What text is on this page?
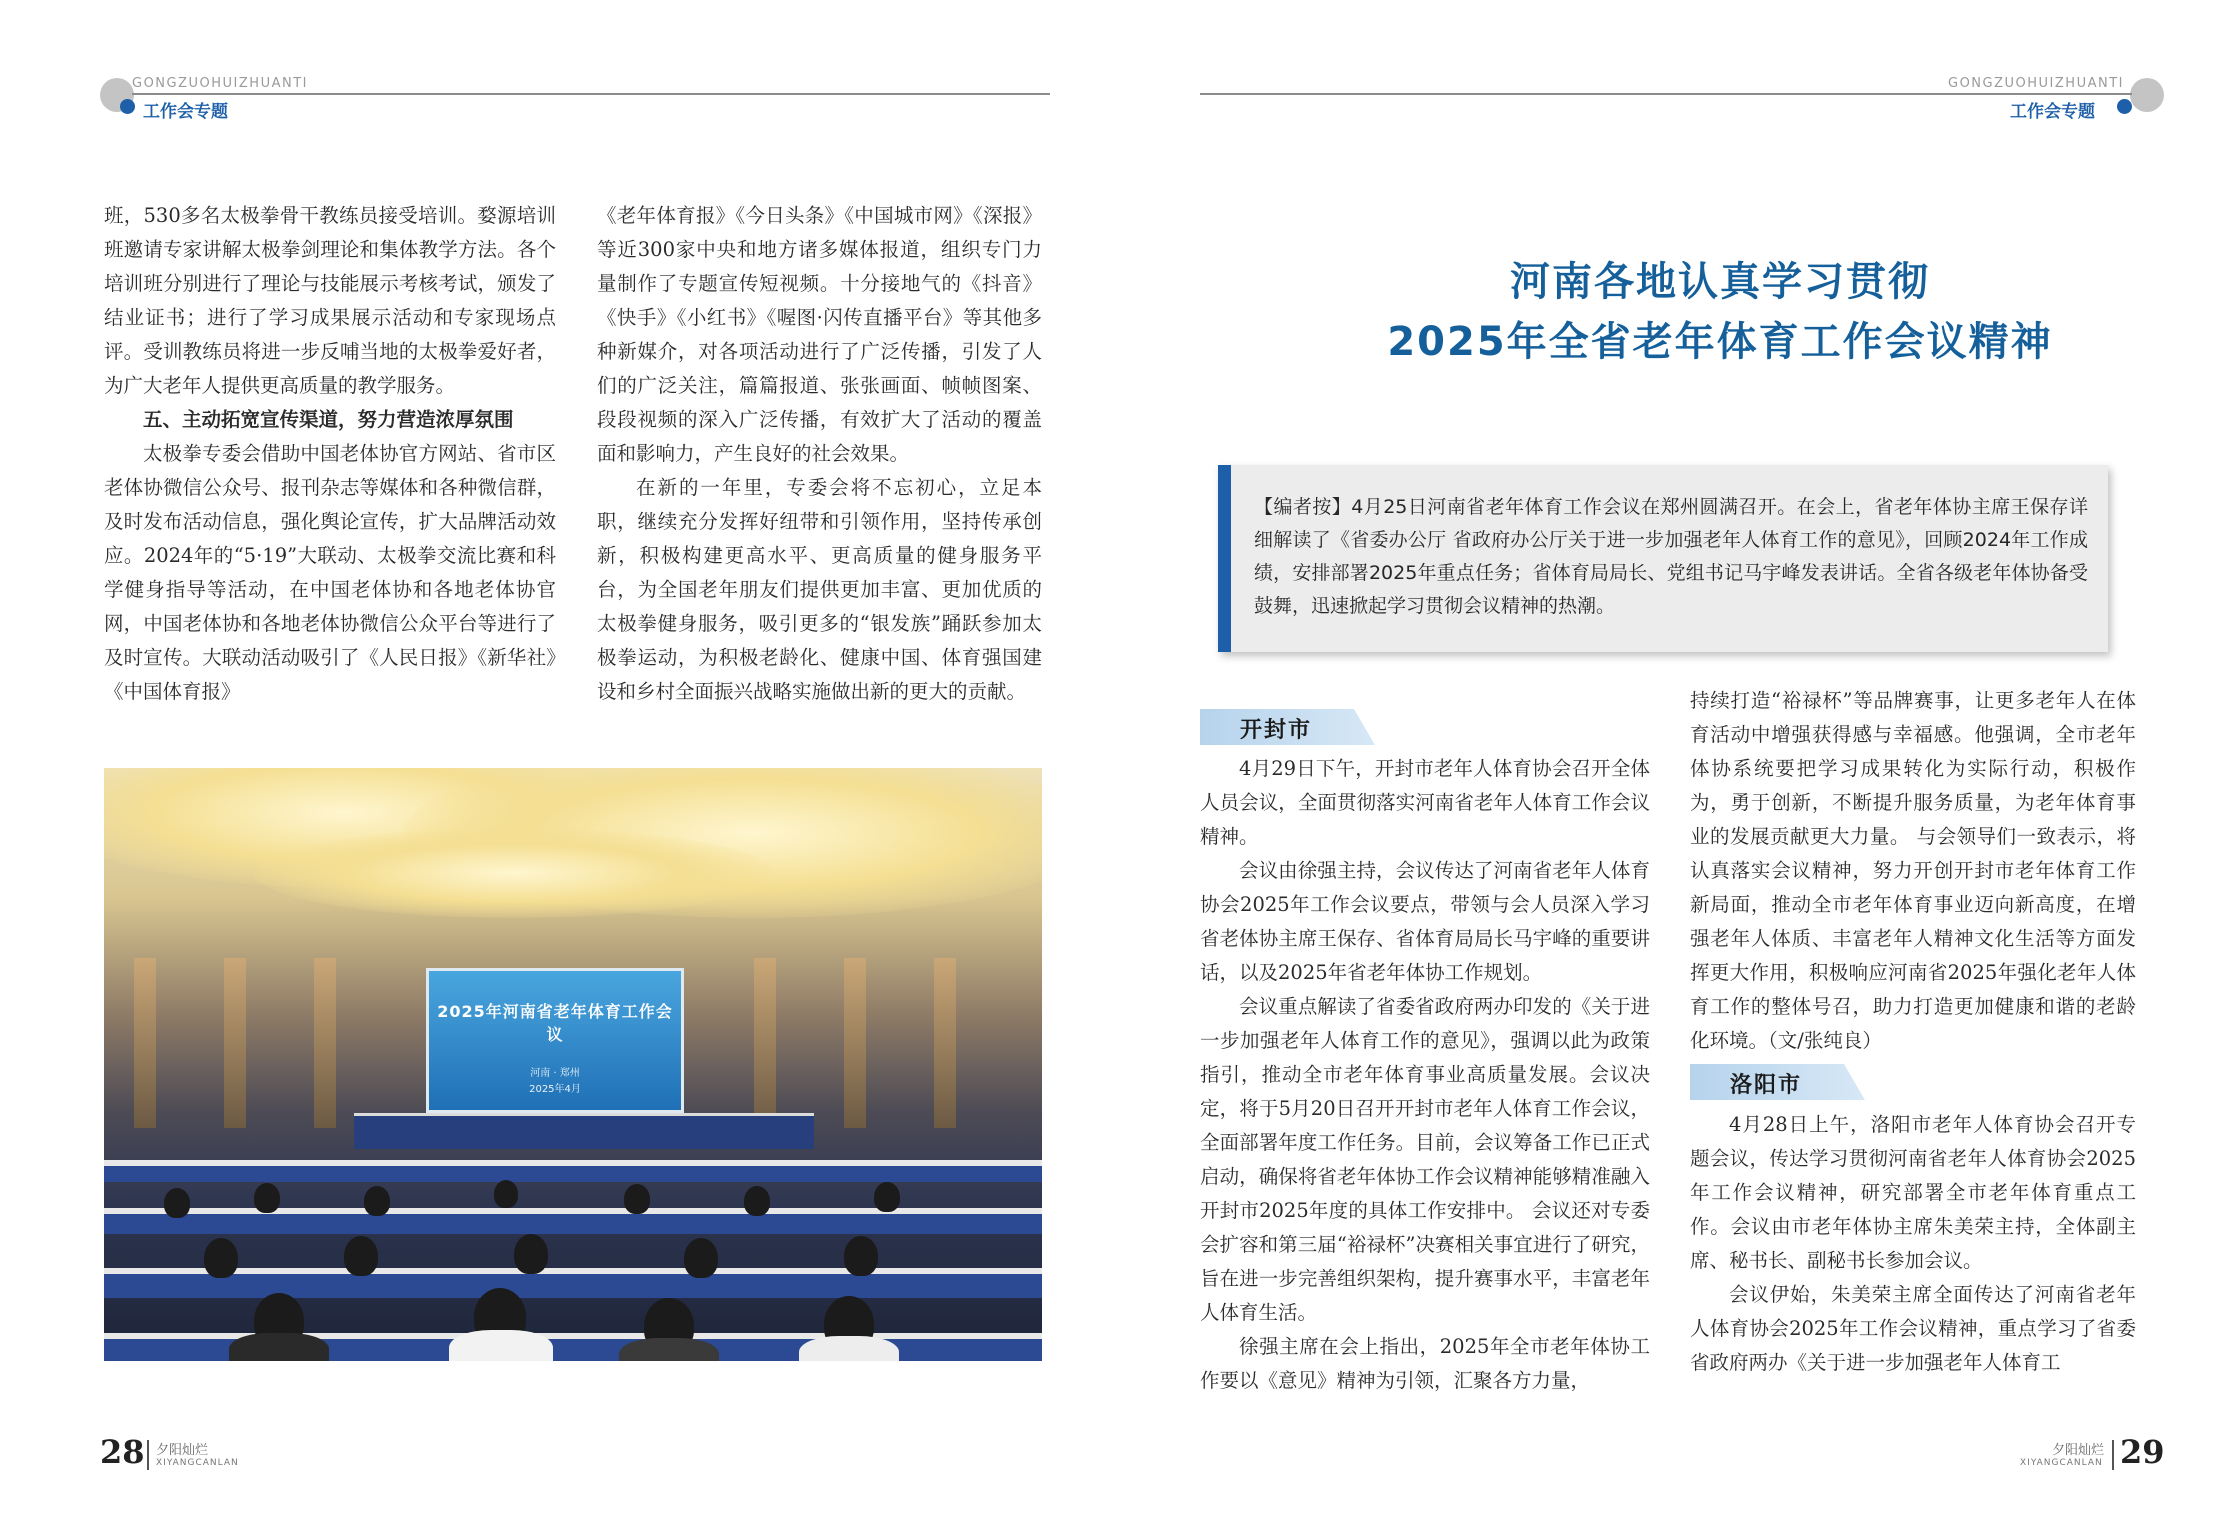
GONGZUOHUIZHUANTI
工作会专题
GONGZUOHUIZHUANTI
工作会专题

班，530多名太极拳骨干教练员接受培训。婺源培训班邀请专家讲解太极拳剑理论和集体教学方法。各个培训班分别进行了理论与技能展示考核考试，颁发了结业证书；进行了学习成果展示活动和专家现场点评。受训教练员将进一步反哺当地的太极拳爱好者，为广大老年人提供更高质量的教学服务。

五、主动拓宽宣传渠道，努力营造浓厚氛围

太极拳专委会借助中国老体协官方网站、省市区老体协微信公众号、报刊杂志等媒体和各种微信群，及时发布活动信息，强化舆论宣传，扩大品牌活动效应。2024年的“5·19”大联动、太极拳交流比赛和科学健身指导等活动，在中国老体协和各地老体协官网，中国老体协和各地老体协微信公众平台等进行了及时宣传。大联动活动吸引了《人民日报》《新华社》《中国体育报》

《老年体育报》《今日头条》《中国城市网》《深报》等近300家中央和地方诸多媒体报道，组织专门力量制作了专题宣传短视频。十分接地气的《抖音》《快手》《小红书》《喔图·闪传直播平台》等其他多种新媒介，对各项活动进行了广泛传播，引发了人们的广泛关注，篇篇报道、张张画面、帧帧图案、段段视频的深入广泛传播，有效扩大了活动的覆盖面和影响力，产生良好的社会效果。

在新的一年里，专委会将不忘初心，立足本职，继续充分发挥好纽带和引领作用，坚持传承创新，积极构建更高水平、更高质量的健身服务平台，为全国老年朋友们提供更加丰富、更加优质的太极拳健身服务，吸引更多的“银发族”踊跃参加太极拳运动，为积极老龄化、健康中国、体育强国建设和乡村全面振兴战略实施做出新的更大的贡献。

2025年河南省老年体育工作会议
河南 · 郑州
2025年4月
28 夕阳灿烂
XIYANGCANLAN
河南各地认真学习贯彻
2025年全省老年体育工作会议精神
【编者按】4月25日河南省老年体育工作会议在郑州圆满召开。在会上，省老年体协主席王保存详细解读了《省委办公厅 省政府办公厅关于进一步加强老年人体育工作的意见》，回顾2024年工作成绩，安排部署2025年重点任务；省体育局局长、党组书记马宇峰发表讲话。全省各级老年体协备受鼓舞，迅速掀起学习贯彻会议精神的热潮。
开封市

4月29日下午，开封市老年人体育协会召开全体人员会议，全面贯彻落实河南省老年人体育工作会议精神。

会议由徐强主持，会议传达了河南省老年人体育协会2025年工作会议要点，带领与会人员深入学习省老体协主席王保存、省体育局局长马宇峰的重要讲话，以及2025年省老年体协工作规划。

会议重点解读了省委省政府两办印发的《关于进一步加强老年人体育工作的意见》，强调以此为政策指引，推动全市老年体育事业高质量发展。会议决定，将于5月20日召开开封市老年人体育工作会议，全面部署年度工作任务。目前，会议筹备工作已正式启动，确保将省老年体协工作会议精神能够精准融入开封市2025年度的具体工作安排中。 会议还对专委会扩容和第三届“裕禄杯”决赛相关事宜进行了研究，旨在进一步完善组织架构，提升赛事水平，丰富老年人体育生活。

徐强主席在会上指出，2025年全市老年体协工作要以《意见》精神为引领，汇聚各方力量，

持续打造“裕禄杯”等品牌赛事，让更多老年人在体育活动中增强获得感与幸福感。他强调，全市老年体协系统要把学习成果转化为实际行动，积极作为，勇于创新，不断提升服务质量，为老年体育事业的发展贡献更大力量。 与会领导们一致表示，将认真落实会议精神，努力开创开封市老年体育工作新局面，推动全市老年体育事业迈向新高度，在增强老年人体质、丰富老年人精神文化生活等方面发挥更大作用，积极响应河南省2025年强化老年人体育工作的整体号召，助力打造更加健康和谐的老龄化环境。（文/张纯良）

洛阳市

4月28日上午，洛阳市老年人体育协会召开专题会议，传达学习贯彻河南省老年人体育协会2025年工作会议精神，研究部署全市老年体育重点工作。会议由市老年体协主席朱美荣主持，全体副主席、秘书长、副秘书长参加会议。

会议伊始，朱美荣主席全面传达了河南省老年人体育协会2025年工作会议精神，重点学习了省委省政府两办《关于进一步加强老年人体育工

夕阳灿烂
XIYANGCANLAN 29
